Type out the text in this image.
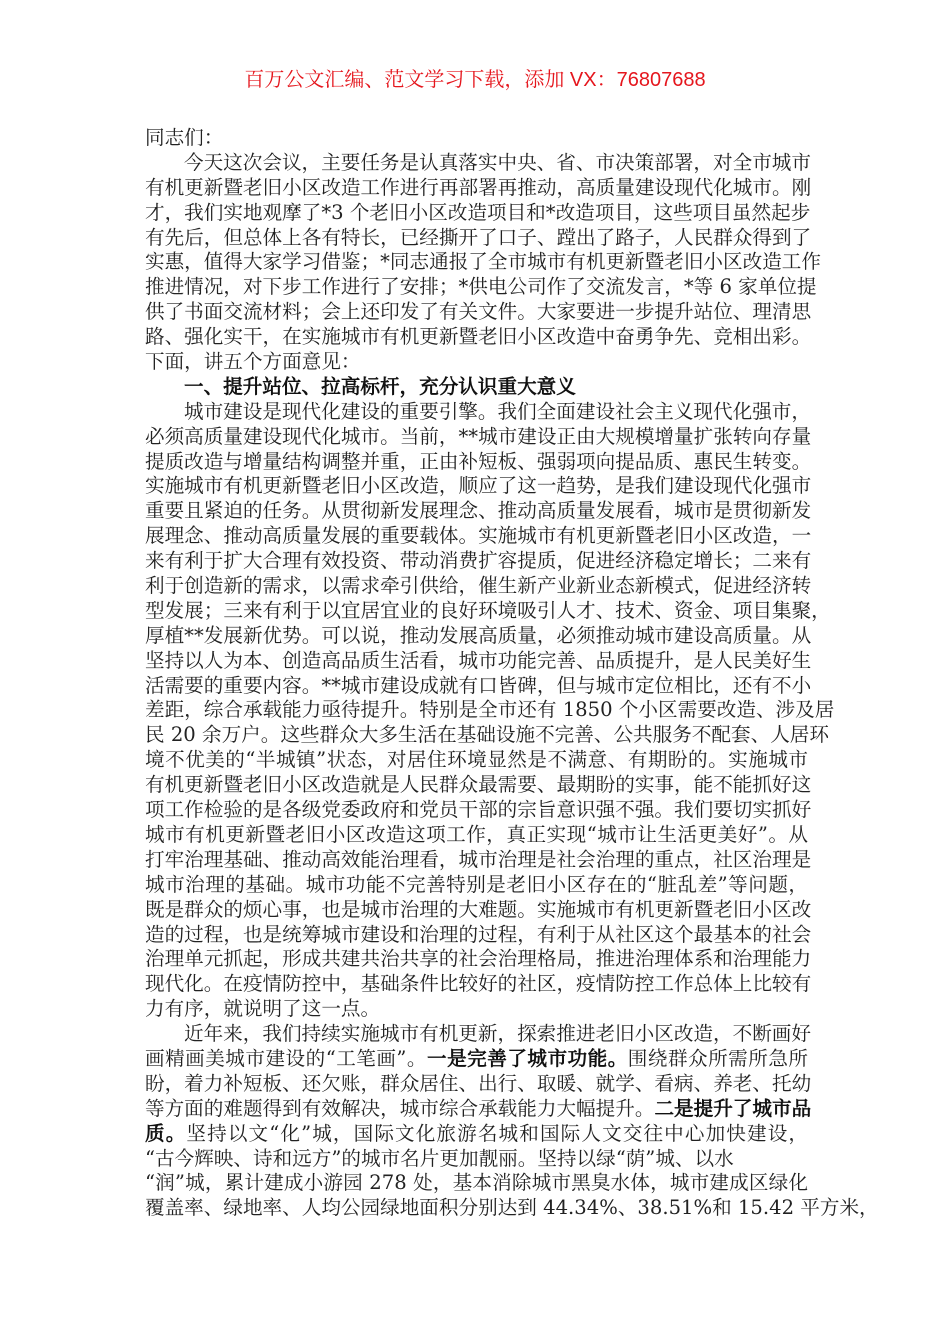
百万公文汇编、范文学习下载，添加 VX：76807688
同志们：
今天这次会议，主要任务是认真落实中央、省、市决策部署，对全市城市
有机更新暨老旧小区改造工作进行再部署再推动，高质量建设现代化城市。刚
才，我们实地观摩了*3 个老旧小区改造项目和*改造项目，这些项目虽然起步
有先后，但总体上各有特长，已经撕开了口子、蹚出了路子，人民群众得到了
实惠，值得大家学习借鉴；*同志通报了全市城市有机更新暨老旧小区改造工作
推进情况，对下步工作进行了安排；*供电公司作了交流发言，*等 6 家单位提
供了书面交流材料；会上还印发了有关文件。大家要进一步提升站位、理清思
路、强化实干，在实施城市有机更新暨老旧小区改造中奋勇争先、竞相出彩。
下面，讲五个方面意见：
一、提升站位、拉高标杆，充分认识重大意义
城市建设是现代化建设的重要引擎。我们全面建设社会主义现代化强市，
必须高质量建设现代化城市。当前，**城市建设正由大规模增量扩张转向存量
提质改造与增量结构调整并重，正由补短板、强弱项向提品质、惠民生转变。
实施城市有机更新暨老旧小区改造，顺应了这一趋势，是我们建设现代化强市
重要且紧迫的任务。从贯彻新发展理念、推动高质量发展看，城市是贯彻新发
展理念、推动高质量发展的重要载体。实施城市有机更新暨老旧小区改造，一
来有利于扩大合理有效投资、带动消费扩容提质，促进经济稳定增长；二来有
利于创造新的需求，以需求牵引供给，催生新产业新业态新模式，促进经济转
型发展；三来有利于以宜居宜业的良好环境吸引人才、技术、资金、项目集聚，
厚植**发展新优势。可以说，推动发展高质量，必须推动城市建设高质量。从
坚持以人为本、创造高品质生活看，城市功能完善、品质提升，是人民美好生
活需要的重要内容。**城市建设成就有口皆碑，但与城市定位相比，还有不小
差距，综合承载能力亟待提升。特别是全市还有 1850 个小区需要改造、涉及居
民 20 余万户。这些群众大多生活在基础设施不完善、公共服务不配套、人居环
境不优美的“半城镇”状态，对居住环境显然是不满意、有期盼的。实施城市
有机更新暨老旧小区改造就是人民群众最需要、最期盼的实事，能不能抓好这
项工作检验的是各级党委政府和党员干部的宗旨意识强不强。我们要切实抓好
城市有机更新暨老旧小区改造这项工作，真正实现“城市让生活更美好”。从
打牢治理基础、推动高效能治理看，城市治理是社会治理的重点，社区治理是
城市治理的基础。城市功能不完善特别是老旧小区存在的“脏乱差”等问题，
既是群众的烦心事，也是城市治理的大难题。实施城市有机更新暨老旧小区改
造的过程，也是统筹城市建设和治理的过程，有利于从社区这个最基本的社会
治理单元抓起，形成共建共治共享的社会治理格局，推进治理体系和治理能力
现代化。在疫情防控中，基础条件比较好的社区，疫情防控工作总体上比较有
力有序，就说明了这一点。
近年来，我们持续实施城市有机更新，探索推进老旧小区改造，不断画好
画精画美城市建设的“工笔画”。一是完善了城市功能。围绕群众所需所急所
盼，着力补短板、还欠账，群众居住、出行、取暖、就学、看病、养老、托幼
等方面的难题得到有效解决，城市综合承载能力大幅提升。二是提升了城市品
质。坚持以文“化”城，国际文化旅游名城和国际人文交往中心加快建设，
“古今辉映、诗和远方”的城市名片更加靓丽。坚持以绿“荫”城、以水
“润”城，累计建成小游园 278 处，基本消除城市黑臭水体，城市建成区绿化
覆盖率、绿地率、人均公园绿地面积分别达到 44.34%、38.51%和 15.42 平方米，
